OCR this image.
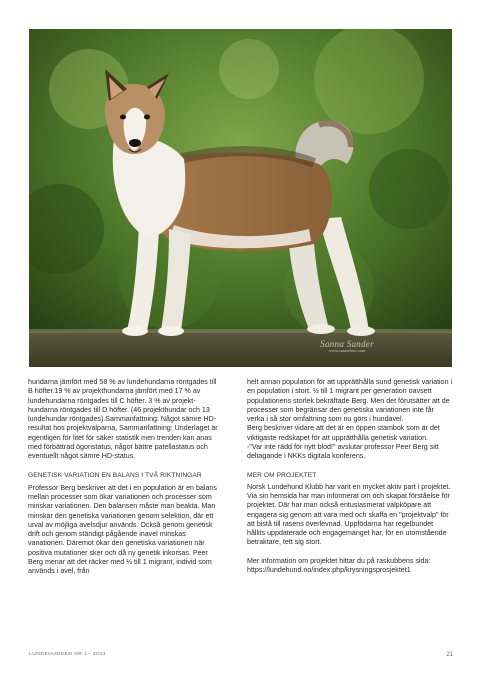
Sanna Sander
www.sannafoto.com

hundarna jämfört med 58 % av lundehundarna röntgades till B höfter.19 % av projekthundarna jämfört med 17 % av lundehundarna röntgades till C höfter. 3 % av projekt-

hundarna röntgades till D höfter. (46 projekthundar och 13 lundehundar röntgades).Sammanfattning: Något sämre HD-resultat hos projektvalparna, Sammanfattning: Underlaget är egentligen för litet för säker statistik men trenden kan anas med förbättrad ögonstatus, något bättre patellastatus och eventuellt något sämre HD-status.

GENETISK VARIATION EN BALANS I TVÅ RIKTNINGAR

Professor Berg beskriver att det i en population är en balans mellan processer som ökar variationen och processer som minskar variationen. Den balansen måste man beakta. Man minskar den genetiska variationen genom selektion, där ett urval av möjliga avelsdjur används. Också genom genetisk drift och genom ständigt pågående inavel minskas variationen. Däremot ökar den genetiska variationen när positiva mutationer sker och då ny genetik inkorsas. Peer Berg menar att det räcker med ½ till 1 migrant, individ som används i avel, från

helt annan population för att upprätthålla sund genetisk variation i en population i stort. ½ till 1 migrant per generation oavsett populationens storlek bekräftade Berg. Men det förutsätter att de processer som begränsar den genetiska variationen inte får verka i så stor omfattning som nu görs i hundavel.

Berg beskriver vidare att det är en öppen stambok som är det viktigaste redskapet för att upprätthålla genetisk variation.

-"Var inte rädd för nytt blod!" avslutar professor Peer Berg sitt deltagande i NKKs digitala konferens.

MER OM PROJEKTET

Norsk Lundehund Klubb har varit en mycket aktiv part i projektet. Via sin hemsida har man informerat om och skapat förståelse för projektet. Där har man också entusiasmerat valpköpare att engagera sig genom att vara med och skaffa en "projektvalp" för att bistå till rasens överlevnad. Uppfödarna har regelbundet hållits uppdaterade och engagemanget har, för en utomstående betraktare, tett sig stort.

Mer information om projektet hittar du på raskubbens sida:

https://lundehund.no/index.php/krysningsprosjektet1

LUNDEHUNDEN NR 1– 2023	21
